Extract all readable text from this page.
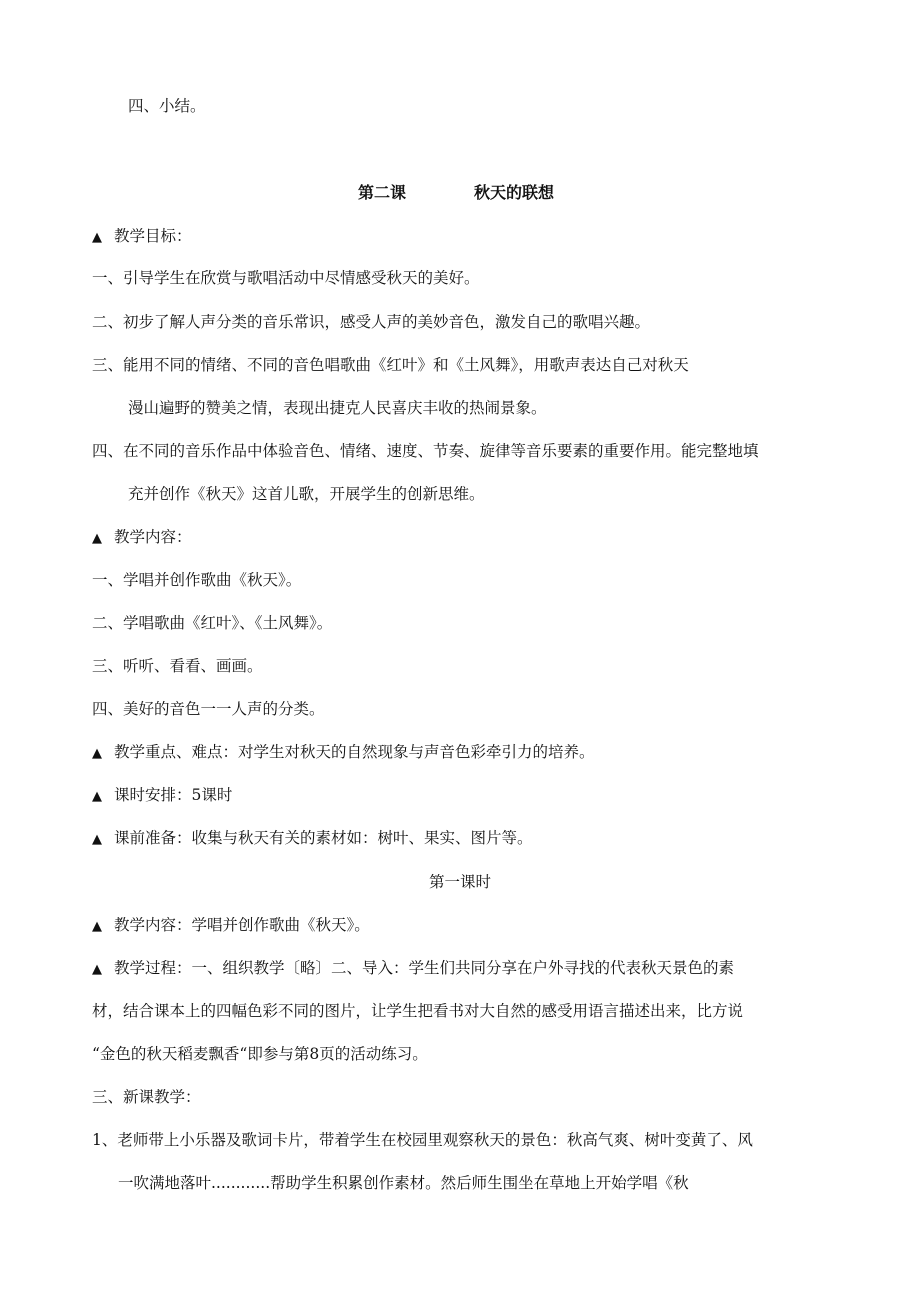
四、小结。
第二课	秋天的联想
▲ 教学目标：
一、引导学生在欣赏与歌唱活动中尽情感受秋天的美好。
二、初步了解人声分类的音乐常识，感受人声的美妙音色，激发自己的歌唱兴趣。
三、能用不同的情绪、不同的音色唱歌曲《红叶》和《土风舞》，用歌声表达自己对秋天
漫山遍野的赞美之情，表现出捷克人民喜庆丰收的热闹景象。
四、在不同的音乐作品中体验音色、情绪、速度、节奏、旋律等音乐要素的重要作用。能完整地填
充并创作《秋天》这首儿歌，开展学生的创新思维。
▲ 教学内容：
一、学唱并创作歌曲《秋天》。
二、学唱歌曲《红叶》、《土风舞》。
三、听听、看看、画画。
四、美好的音色一一人声的分类。
▲ 教学重点、难点：对学生对秋天的自然现象与声音色彩牵引力的培养。
▲ 课时安排：5课时
▲ 课前准备：收集与秋天有关的素材如：树叶、果实、图片等。
第一课时
▲ 教学内容：学唱并创作歌曲《秋天》。
▲ 教学过程：一、组织教学〔略〕二、导入：学生们共同分享在户外寻找的代表秋天景色的素
材，结合课本上的四幅色彩不同的图片，让学生把看书对大自然的感受用语言描述出来，比方说
“金色的秋天稻麦飘香“即参与第8页的活动练习。
三、新课教学：
1、老师带上小乐器及歌词卡片，带着学生在校园里观察秋天的景色：秋高气爽、树叶变黄了、风
一吹满地落叶............帮助学生积累创作素材。然后师生围坐在草地上开始学唱《秋
